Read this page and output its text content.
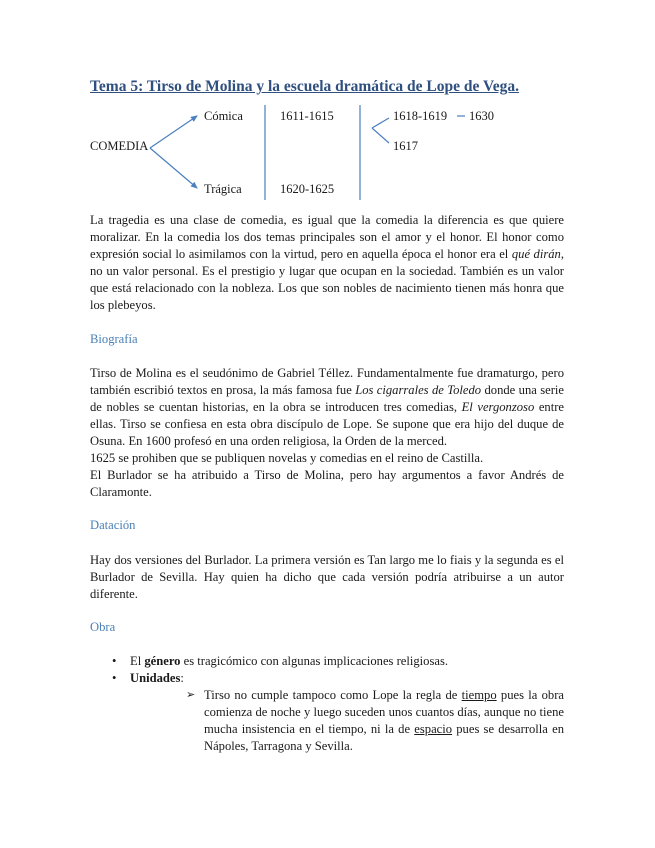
Tema 5: Tirso de Molina y la escuela dramática de Lope de Vega.
COMEDIA
Cómica
Trágica
1611-1615
1620-1625
1618-1619 1630
1617

La tragedia es una clase de comedia, es igual que la comedia la diferencia es que quiere moralizar. En la comedia los dos temas principales son el amor y el honor. El honor como expresión social lo asimilamos con la virtud, pero en aquella época el honor era el qué dirán, no un valor personal. Es el prestigio y lugar que ocupan en la sociedad. También es un valor que está relacionado con la nobleza. Los que son nobles de nacimiento tienen más honra que los plebeyos.

Biografía

Tirso de Molina es el seudónimo de Gabriel Téllez. Fundamentalmente fue dramaturgo, pero también escribió textos en prosa, la más famosa fue Los cigarrales de Toledo donde una serie de nobles se cuentan historias, en la obra se introducen tres comedias, El vergonzoso entre ellas. Tirso se confiesa en esta obra discípulo de Lope. Se supone que era hijo del duque de Osuna. En 1600 profesó en una orden religiosa, la Orden de la merced.

1625 se prohiben que se publiquen novelas y comedias en el reino de Castilla.

El Burlador se ha atribuido a Tirso de Molina, pero hay argumentos a favor Andrés de Claramonte.

Datación

Hay dos versiones del Burlador. La primera versión es Tan largo me lo fiais y la segunda es el Burlador de Sevilla. Hay quien ha dicho que cada versión podría atribuirse a un autor diferente.

Obra
• El género es tragicómico con algunas implicaciones religiosas.
• Unidades:
➢ Tirso no cumple tampoco como Lope la regla de tiempo pues la obra comienza de noche y luego suceden unos cuantos días, aunque no tiene mucha insistencia en el tiempo, ni la de espacio pues se desarrolla en Nápoles, Tarragona y Sevilla.
